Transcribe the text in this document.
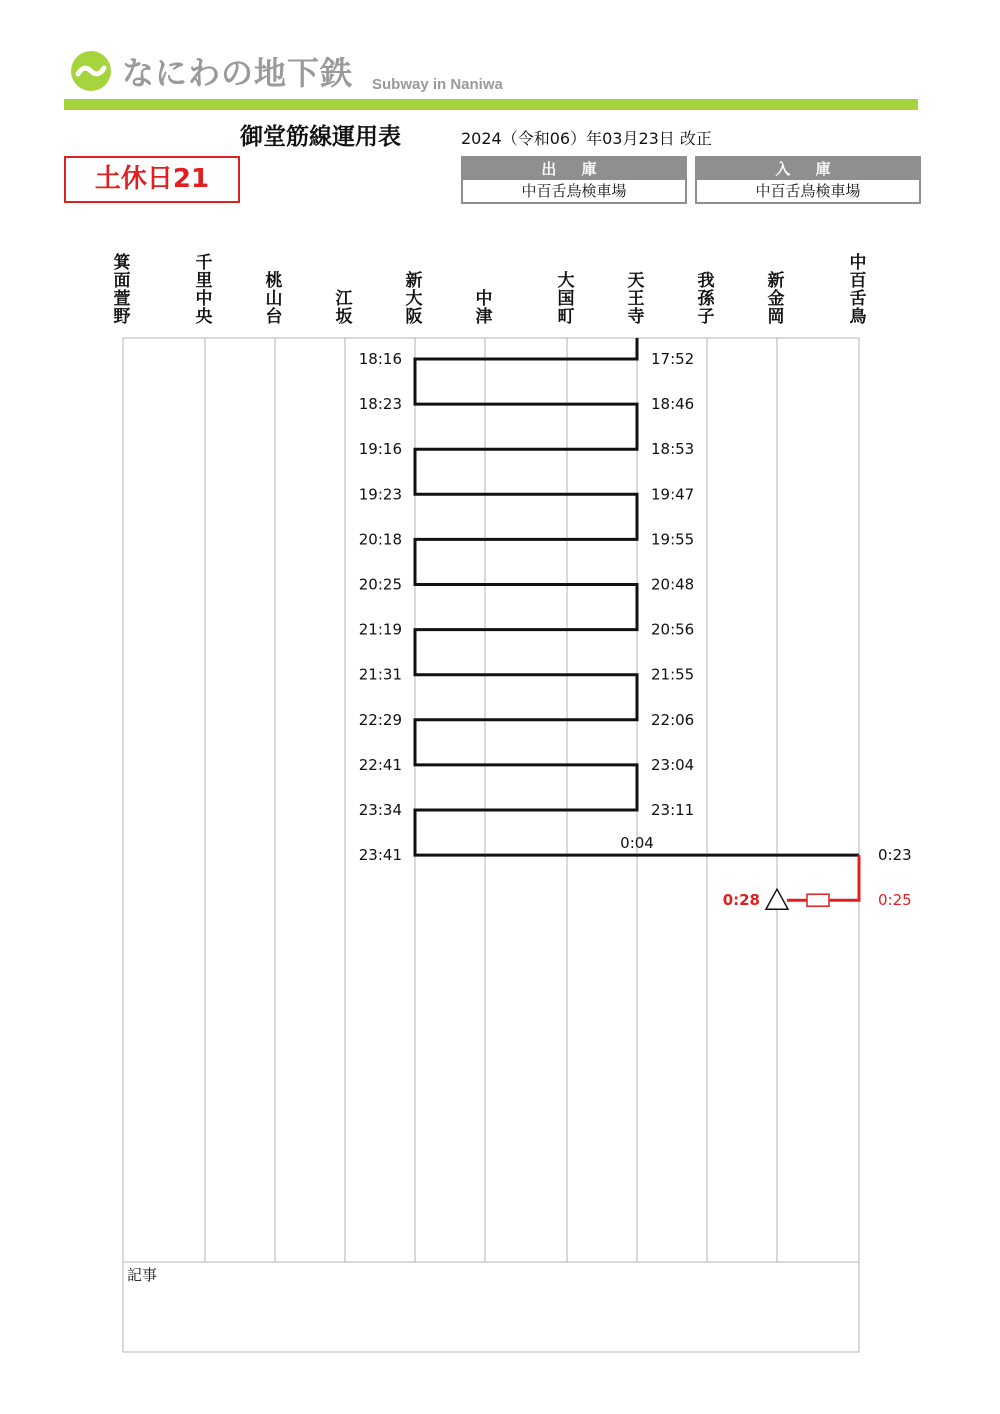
なにわの地下鉄 Subway in Naniwa
御堂筋線運用表	2024（令和06）年03月23日 改正
土休日21	出 庫
中百舌鳥検車場
入 庫
中百舌鳥検車場
箕
面
萱
野
千
里
中
央
桃
山
台
江
坂
新
大
阪
中
津
大
国
町
天
王
寺
我
孫
子
新
金
岡
中
百
舌
鳥
18:16
18:23
19:16
19:23
20:18
20:25
21:19
21:31
22:29
22:41
23:34
23:41
17:52
18:46
18:53
19:47
19:55
20:48
20:56
21:55
22:06
23:04
23:11
0:04
0:23
0:25
0:28
記事
